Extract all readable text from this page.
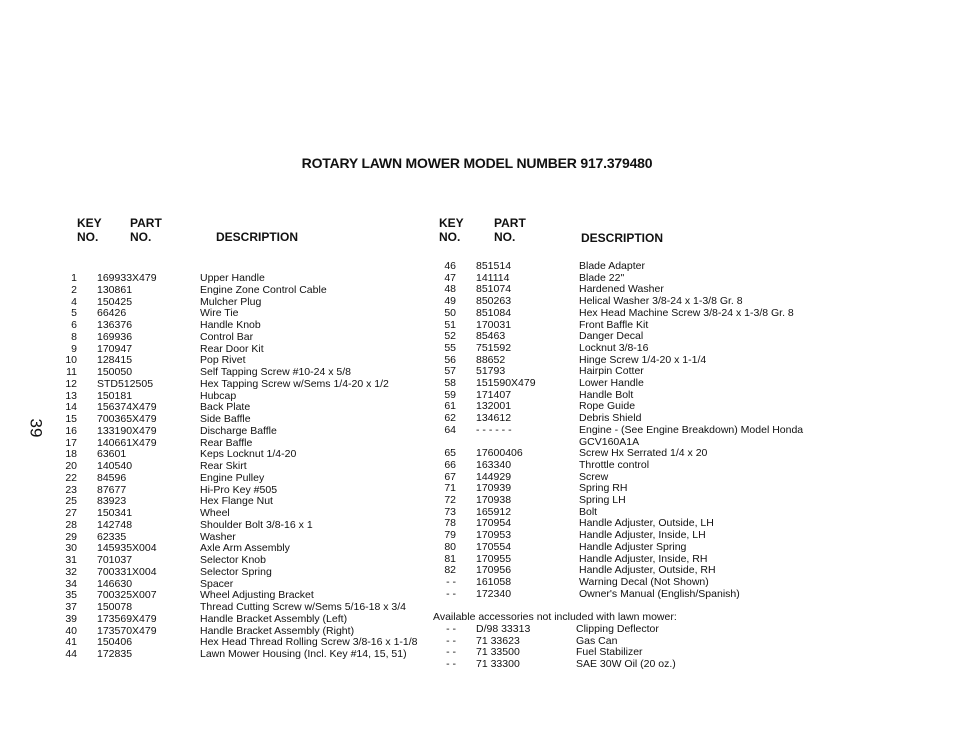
ROTARY LAWN MOWER MODEL NUMBER 917.379480
39
KEY
NO.
PART
NO.	DESCRIPTION
KEY
NO.
PART
NO.	DESCRIPTION
1 169933X479	Upper Handle
2 130861	Engine Zone Control Cable
4 150425	Mulcher Plug
5 66426	Wire Tie
6 136376	Handle Knob
8 169936	Control Bar
9 170947	Rear Door Kit
10 128415	Pop Rivet
11 150050	Self Tapping Screw #10-24 x 5/8
12 STD512505	Hex Tapping Screw w/Sems 1/4-20 x 1/2
13 150181	Hubcap
14 156374X479	Back Plate
15 700365X479	Side Baffle
16 133190X479	Discharge Baffle
17 140661X479	Rear Baffle
18 63601	Keps Locknut 1/4-20
20 140540	Rear Skirt
22 84596	Engine Pulley
23 87677	Hi-Pro Key #505
25 83923	Hex Flange Nut
27 150341	Wheel
28 142748	Shoulder Bolt 3/8-16 x 1
29 62335	Washer
30 145935X004	Axle Arm Assembly
31 701037	Selector Knob
32 700331X004	Selector Spring
34 146630	Spacer
35 700325X007	Wheel Adjusting Bracket
37 150078	Thread Cutting Screw w/Sems 5/16-18 x 3/4
39 173569X479	Handle Bracket Assembly (Left)
40 173570X479	Handle Bracket Assembly (Right)
41 150406	Hex Head Thread Rolling Screw 3/8-16 x 1-1/8
44 172835	Lawn Mower Housing (Incl. Key #14, 15, 51)
46 851514	Blade Adapter
47 141114	Blade 22"
48 851074	Hardened Washer
49 850263	Helical Washer 3/8-24 x 1-3/8 Gr. 8
50 851084	Hex Head Machine Screw 3/8-24 x 1-3/8 Gr. 8
51 170031	Front Baffle Kit
52 85463	Danger Decal
55 751592	Locknut 3/8-16
56 88652	Hinge Screw 1/4-20 x 1-1/4
57 51793	Hairpin Cotter
58 151590X479	Lower Handle
59 171407	Handle Bolt
61 132001	Rope Guide
62 134612	Debris Shield
64 - - - - - -	Engine - (See Engine Breakdown) Model Honda
GCV160A1A
65 17600406	Screw Hx Serrated 1/4 x 20
66 163340	Throttle control
67 144929	Screw
71 170939	Spring RH
72 170938	Spring LH
73 165912	Bolt
78 170954	Handle Adjuster, Outside, LH
79 170953	Handle Adjuster, Inside, LH
80 170554	Handle Adjuster Spring
81 170955	Handle Adjuster, Inside, RH
82 170956	Handle Adjuster, Outside, RH
- - 161058	Warning Decal (Not Shown)
- - 172340	Owner's Manual (English/Spanish)
Available accessories not included with lawn mower:
- - D/98 33313	Clipping Deflector
- - 71 33623	Gas Can
- - 71 33500	Fuel Stabilizer
- - 71 33300	SAE 30W Oil (20 oz.)
